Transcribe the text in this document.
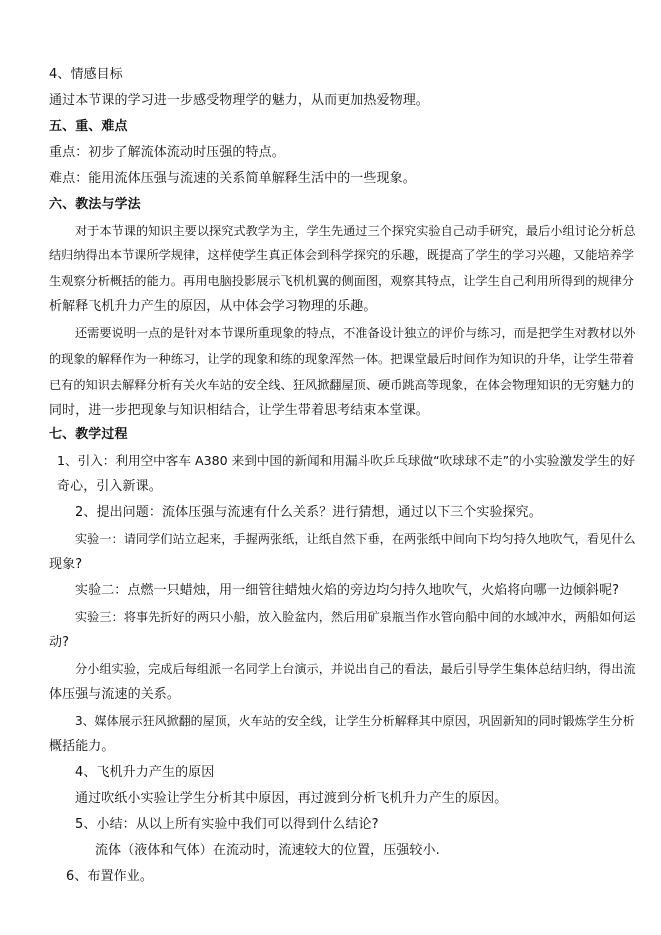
4、情感目标
通过本节课的学习进一步感受物理学的魅力，从而更加热爱物理。
五、重、难点
重点：初步了解流体流动时压强的特点。
难点：能用流体压强与流速的关系简单解释生活中的一些现象。
六、教法与学法
对于本节课的知识主要以探究式教学为主，学生先通过三个探究实验自己动手研究，最后小组讨论分析总
结归纳得出本节课所学规律，这样使学生真正体会到科学探究的乐趣，既提高了学生的学习兴趣，又能培养学
生观察分析概括的能力。再用电脑投影展示飞机机翼的侧面图，观察其特点，让学生自己利用所得到的规律分
析解释飞机升力产生的原因，从中体会学习物理的乐趣。
还需要说明一点的是针对本节课所重现象的特点，不准备设计独立的评价与练习，而是把学生对教材以外
的现象的解释作为一种练习，让学的现象和练的现象浑然一体。把课堂最后时间作为知识的升华，让学生带着
已有的知识去解释分析有关火车站的安全线、狂风掀翻屋顶、硬币跳高等现象，在体会物理知识的无穷魅力的
同时，进一步把现象与知识相结合，让学生带着思考结束本堂课。
七、教学过程
1、引入：利用空中客车 A380 来到中国的新闻和用漏斗吹乒乓球做“吹球球不走”的小实验激发学生的好
奇心，引入新课。
2、提出问题：流体压强与流速有什么关系？进行猜想，通过以下三个实验探究。
实验一：请同学们站立起来，手握两张纸，让纸自然下垂，在两张纸中间向下均匀持久地吹气，看见什么
现象?
实验二：点燃一只蜡烛，用一细管往蜡烛火焰的旁边均匀持久地吹气，火焰将向哪一边倾斜呢?
实验三：将事先折好的两只小船，放入脸盆内，然后用矿泉瓶当作水管向船中间的水域冲水，两船如何运
动?
分小组实验，完成后每组派一名同学上台演示，并说出自己的看法，最后引导学生集体总结归纳，得出流
体压强与流速的关系。
3、媒体展示狂风掀翻的屋顶，火车站的安全线，让学生分析解释其中原因，巩固新知的同时锻炼学生分析
概括能力。
4、飞机升力产生的原因
通过吹纸小实验让学生分析其中原因，再过渡到分析飞机升力产生的原因。
5、小结：从以上所有实验中我们可以得到什么结论?
流体（液体和气体）在流动时，流速较大的位置，压强较小.
6、布置作业。
